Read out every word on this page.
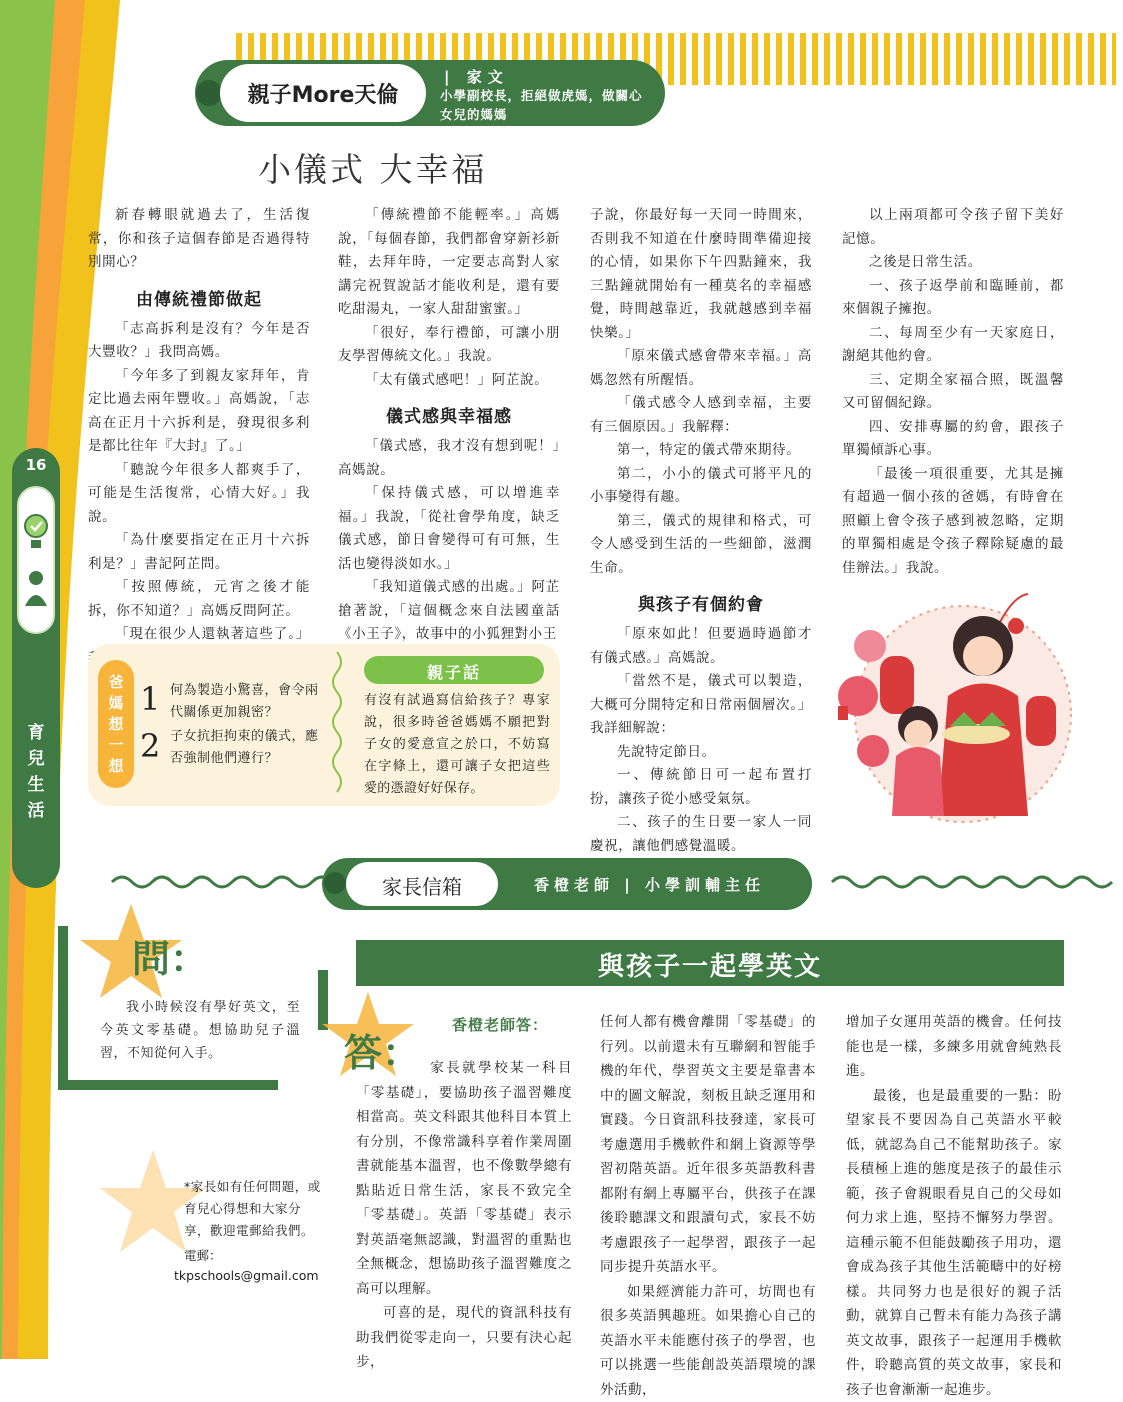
16
育兒生活
親子More天倫
| 家文
小學副校長，拒絕做虎媽，做關心女兒的媽媽
小儀式 大幸福

新春轉眼就過去了，生活復常，你和孩子這個春節是否過得特別開心？

由傳統禮節做起

「志高拆利是沒有？今年是否大豐收？」我問高媽。

「今年多了到親友家拜年，肯定比過去兩年豐收。」高媽說，「志高在正月十六拆利是，發現很多利是都比往年『大封』了。」

「聽說今年很多人都爽手了，可能是生活復常，心情大好。」我說。

「為什麼要指定在正月十六拆利是？」書記阿芷問。

「按照傳統，元宵之後才能拆，你不知道？」高媽反問阿芷。

「現在很少人還執著這些了。」

「傳統禮節不能輕率。」高媽說，「每個春節，我們都會穿新衫新鞋，去拜年時，一定要志高對人家講完祝賀說話才能收利是，還有要吃甜湯丸，一家人甜甜蜜蜜。」

「很好，奉行禮節，可讓小朋友學習傳統文化。」我說。

「太有儀式感吧！」阿芷說。

儀式感與幸福感

「儀式感，我才沒有想到呢！」高媽說。

「保持儀式感，可以增進幸福。」我說，「從社會學角度，缺乏儀式感，節日會變得可有可無，生活也變得淡如水。」

「我知道儀式感的出處。」阿芷搶著說，「這個概念來自法國童話《小王子》，故事中的小狐狸對小王

子說，你最好每一天同一時間來，否則我不知道在什麼時間準備迎接的心情，如果你下午四點鐘來，我三點鐘就開始有一種莫名的幸福感覺，時間越靠近，我就越感到幸福快樂。」

「原來儀式感會帶來幸福。」高媽忽然有所醒悟。

「儀式感令人感到幸福，主要有三個原因。」我解釋：

第一，特定的儀式帶來期待。

第二，小小的儀式可將平凡的小事變得有趣。

第三，儀式的規律和格式，可令人感受到生活的一些細節，滋潤生命。

與孩子有個約會

「原來如此！但要過時過節才有儀式感。」高媽說。

「當然不是，儀式可以製造，大概可分開特定和日常兩個層次。」我詳細解說：

先說特定節日。

一、傳統節日可一起布置打扮，讓孩子從小感受氣氛。

二、孩子的生日要一家人一同慶祝，讓他們感覺溫暖。

以上兩項都可令孩子留下美好記憶。

之後是日常生活。

一、孩子返學前和臨睡前，都來個親子擁抱。

二、每周至少有一天家庭日，謝絕其他約會。

三、定期全家福合照，既溫馨又可留個紀錄。

四、安排專屬的約會，跟孩子單獨傾訴心事。

「最後一項很重要，尤其是擁有超過一個小孩的爸媽，有時會在照顧上會令孩子感到被忽略，定期的單獨相處是令孩子釋除疑慮的最佳辦法。」我說。

爸媽想一想
1 何為製造小驚喜，會令兩代關係更加親密？
2 子女抗拒拘束的儀式，應否強制他們遵行？
親子話
有沒有試過寫信給孩子？專家說，很多時爸爸媽媽不願把對子女的愛意宣之於口，不妨寫在字條上，還可讓子女把這些愛的憑證好好保存。
家長信箱	香橙老師 | 小學訓輔主任
問：

我小時候沒有學好英文，至今英文零基礎。想協助兒子溫習，不知從何入手。	答：
*家長如有任何問題，或育兒心得想和大家分享，歡迎電郵給我們。
電郵：
tkpschools@gmail.com
與孩子一起學英文
香橙老師答：

家長就學校某一科目「零基礎」，要協助孩子溫習難度相當高。英文科跟其他科目本質上有分別，不像常識科享着作業周圍書就能基本溫習，也不像數學總有點貼近日常生活，家長不致完全「零基礎」。英語「零基礎」表示對英語毫無認識，對溫習的重點也全無概念，想協助孩子溫習難度之高可以理解。

可喜的是，現代的資訊科技有助我們從零走向一，只要有決心起步，

任何人都有機會離開「零基礎」的行列。以前還未有互聯網和智能手機的年代，學習英文主要是靠書本中的圖文解說，刻板且缺乏運用和實踐。今日資訊科技發達，家長可考慮選用手機軟件和網上資源等學習初階英語。近年很多英語教科書都附有網上專屬平台，供孩子在課後聆聽課文和跟讀句式，家長不妨考慮跟孩子一起學習，跟孩子一起同步提升英語水平。

如果經濟能力許可，坊間也有很多英語興趣班。如果擔心自己的英語水平未能應付孩子的學習，也可以挑選一些能創設英語環境的課外活動，

增加子女運用英語的機會。任何技能也是一樣，多練多用就會純熟長進。

最後，也是最重要的一點：盼望家長不要因為自己英語水平較低，就認為自己不能幫助孩子。家長積極上進的態度是孩子的最佳示範，孩子會親眼看見自己的父母如何力求上進，堅持不懈努力學習。這種示範不但能鼓勵孩子用功，還會成為孩子其他生活範疇中的好榜樣。共同努力也是很好的親子活動，就算自己暫未有能力為孩子講英文故事，跟孩子一起運用手機軟件，聆聽高質的英文故事，家長和孩子也會漸漸一起進步。
